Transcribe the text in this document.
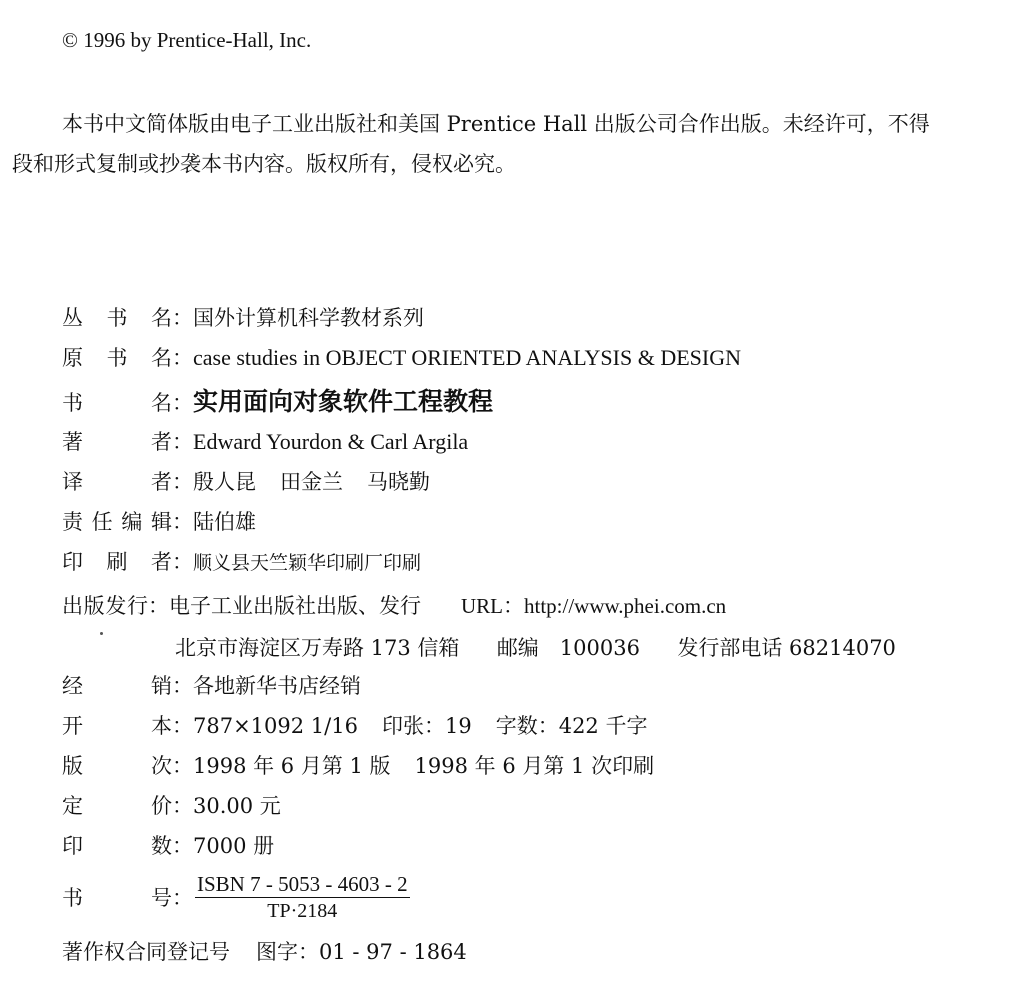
© 1996 by Prentice-Hall, Inc.
本书中文简体版由电子工业出版社和美国 Prentice Hall 出版公司合作出版。未经许可，不得
段和形式复制或抄袭本书内容。版权所有，侵权必究。
丛 书 名 ： 国外计算机科学教材系列
原 书 名 ： case studies in OBJECT ORIENTED ANALYSIS & DESIGN
书	名 ： 实用面向对象软件工程教程
著	者 ： Edward Yourdon & Carl Argila
译	者 ： 殷人昆 田金兰 马晓勤
责 任 编 辑 ： 陆伯雄
印 刷 者 ： 顺义县天竺颖华印刷厂印刷
出 版 发 行 ： 电子工业出版社出版、发行 URL：http://www.phei.com.cn
北京市海淀区万寿路 173 信箱 邮编　100036 发行部电话 68214070
经	销 ： 各地新华书店经销
开	本 ： 787×1092 1/16 印张：19 字数：422 千字
版	次 ： 1998 年 6 月第 1 版 1998 年 6 月第 1 次印刷
定	价 ： 30.00 元
印	数 ： 7000 册
书	号 ：
ISBN 7 - 5053 - 4603 - 2
TP·2184
著作权合同登记号 图字：01 - 97 - 1864
